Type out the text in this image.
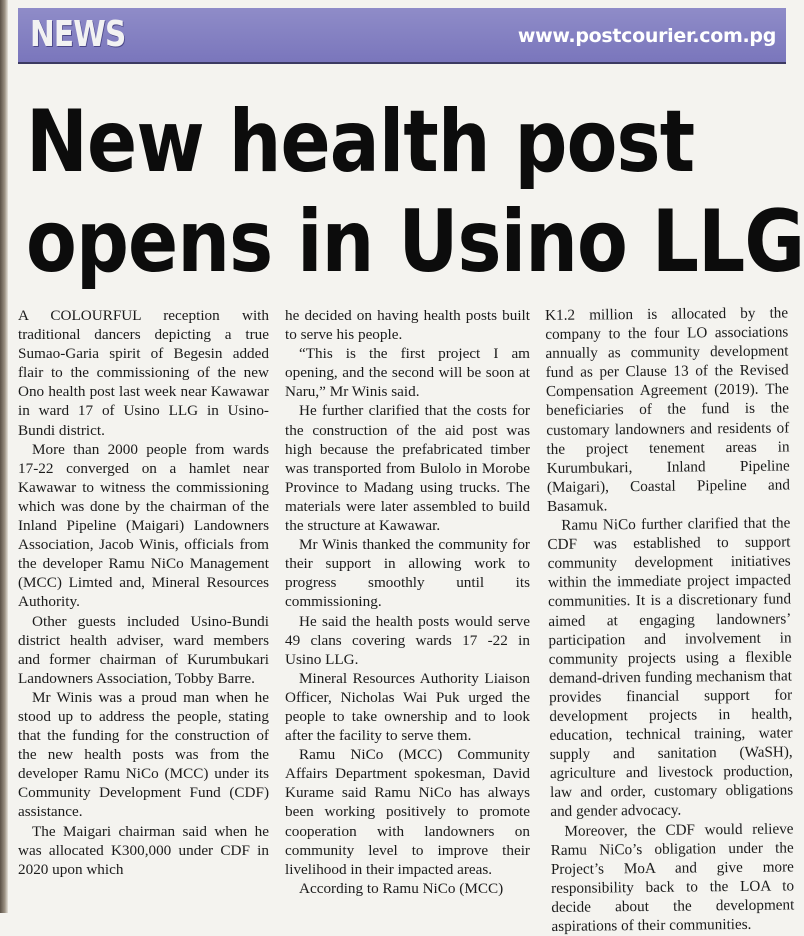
NEWS	www.postcourier.com.pg
New health post
opens in Usino LLG

A COLOURFUL reception with traditional dancers depicting a true Sumao-Garia spirit of Begesin added flair to the commissioning of the new Ono health post last week near Kawawar in ward 17 of Usino LLG in Usino-Bundi district.

More than 2000 people from wards 17-22 converged on a hamlet near Kawawar to witness the commissioning which was done by the chairman of the Inland Pipeline (Maigari) Landowners Association, Jacob Winis, officials from the developer Ramu NiCo Management (MCC) Limted and, Mineral Resources Authority.

Other guests included Usino-Bundi district health adviser, ward members and former chairman of Kurumbukari Landowners Association, Tobby Barre.

Mr Winis was a proud man when he stood up to address the people, stating that the funding for the construction of the new health posts was from the developer Ramu NiCo (MCC) under its Community Development Fund (CDF) assistance.

The Maigari chairman said when he was allocated K300,000 under CDF in 2020 upon which

he decided on having health posts built to serve his people.

“This is the first project I am opening, and the second will be soon at Naru,” Mr Winis said.

He further clarified that the costs for the construction of the aid post was high because the prefabricated timber was transported from Bulolo in Morobe Province to Madang using trucks. The materials were later assembled to build the structure at Kawawar.

Mr Winis thanked the community for their support in allowing work to progress smoothly until its commissioning.

He said the health posts would serve 49 clans covering wards 17 -22 in Usino LLG.

Mineral Resources Authority Liaison Officer, Nicholas Wai Puk urged the people to take ownership and to look after the facility to serve them.

Ramu NiCo (MCC) Community Affairs Department spokesman, David Kurame said Ramu NiCo has always been working positively to promote cooperation with landowners on community level to improve their livelihood in their impacted areas.

According to Ramu NiCo (MCC)

K1.2 million is allocated by the company to the four LO associations annually as community development fund as per Clause 13 of the Revised Compensation Agreement (2019). The beneficiaries of the fund is the customary landowners and residents of the project tenement areas in Kurumbukari, Inland Pipeline (Maigari), Coastal Pipeline and Basamuk.

Ramu NiCo further clarified that the CDF was established to support community development initiatives within the immediate project impacted communities. It is a discretionary fund aimed at engaging landowners’ participation and involvement in community projects using a flexible demand-driven funding mechanism that provides financial support for development projects in health, education, technical training, water supply and sanitation (WaSH), agriculture and livestock production, law and order, customary obligations and gender advocacy.

Moreover, the CDF would relieve Ramu NiCo’s obligation under the Project’s MoA and give more responsibility back to the LOA to decide about the development aspirations of their communities.
